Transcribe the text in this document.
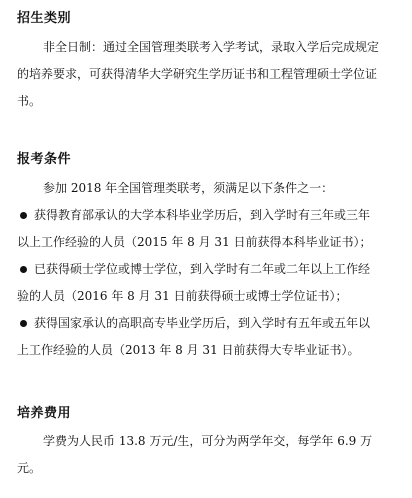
招生类别
非全日制：通过全国管理类联考入学考试，录取入学后完成规定
的培养要求，可获得清华大学研究生学历证书和工程管理硕士学位证
书。
报考条件
参加 2018 年全国管理类联考，须满足以下条件之一：
获得教育部承认的大学本科毕业学历后，到入学时有三年或三年
以上工作经验的人员（2015 年 8 月 31 日前获得本科毕业证书）；
已获得硕士学位或博士学位，到入学时有二年或二年以上工作经
验的人员（2016 年 8 月 31 日前获得硕士或博士学位证书）；
获得国家承认的高职高专毕业学历后，到入学时有五年或五年以
上工作经验的人员（2013 年 8 月 31 日前获得大专毕业证书）。
培养费用
学费为人民币 13.8 万元/生，可分为两学年交，每学年 6.9 万
元。
